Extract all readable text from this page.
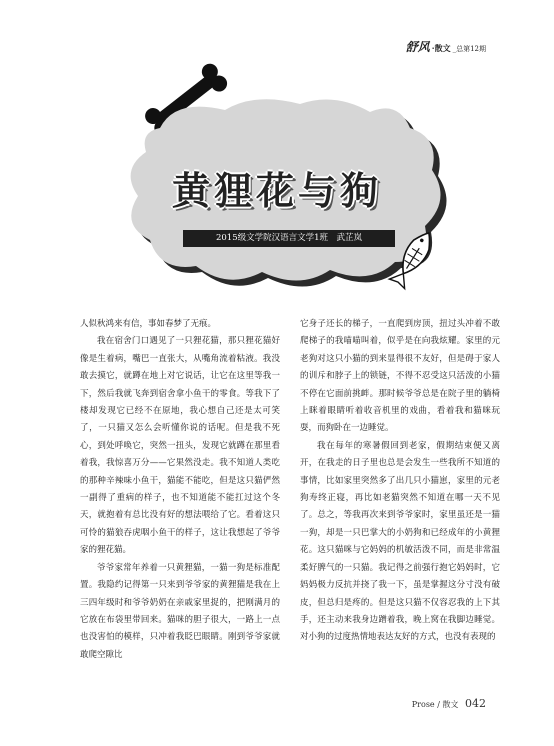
舒风 ·散文 _总第12期
黄狸花与狗
2015级文学院汉语言文学1班　武芷岚

人似秋鸿来有信，事如春梦了无痕。

我在宿舍门口遇见了一只狸花猫，那只狸花猫好像是生着病，嘴巴一直张大，从嘴角流着粘液。我没敢去摸它，就蹲在地上对它说话，让它在这里等我一下，然后我就飞奔到宿舍拿小鱼干的零食。等我下了楼却发现它已经不在原地，我心想自己还是太可笑了，一只猫又怎么会听懂你说的话呢。但是我不死心，到处呼唤它，突然一扭头，发现它就蹲在那里看着我，我惊喜万分——它果然没走。我不知道人类吃的那种辛辣味小鱼干，猫能不能吃，但是这只猫俨然一副得了重病的样子，也不知道能不能扛过这个冬天，就抱着有总比没有好的想法喂给了它。看着这只可怜的猫狼吞虎咽小鱼干的样子，这让我想起了爷爷家的狸花猫。

爷爷家常年养着一只黄狸猫，一猫一狗是标准配置。我隐约记得第一只来到爷爷家的黄狸猫是我在上三四年级时和爷爷奶奶在亲戚家里捉的，把刚满月的它放在布袋里带回来。猫咪的胆子很大，一路上一点也没害怕的模样，只冲着我眨巴眼睛。刚到爷爷家就敢爬空隙比

它身子还长的梯子，一直爬到房顶，扭过头冲着不敢爬梯子的我喵喵叫着，似乎是在向我炫耀。家里的元老狗对这只小猫的到来显得很不友好，但是碍于家人的训斥和脖子上的锁链，不得不忍受这只活泼的小猫不停在它面前挑衅。那时候爷爷总是在院子里的躺椅上眯着眼睛听着收音机里的戏曲，看着我和猫咪玩耍，而狗卧在一边睡觉。

我在每年的寒暑假回到老家，假期结束便又离开，在我走的日子里也总是会发生一些我所不知道的事情，比如家里突然多了出几只小猫崽，家里的元老狗寿终正寝，再比如老猫突然不知道在哪一天不见了。总之，等我再次来到爷爷家时，家里虽还是一猫一狗，却是一只巴掌大的小奶狗和已经成年的小黄狸花。这只猫咪与它妈妈的机敏活泼不同，而是非常温柔好脾气的一只猫。我记得之前强行抱它妈妈时，它妈妈极力反抗并挠了我一下，虽是掌握这分寸没有破皮，但总归是疼的。但是这只猫不仅容忍我的上下其手，还主动来我身边蹭着我，晚上窝在我脚边睡觉。对小狗的过度热情地表达友好的方式，也没有表现的

Prose / 散文 042
